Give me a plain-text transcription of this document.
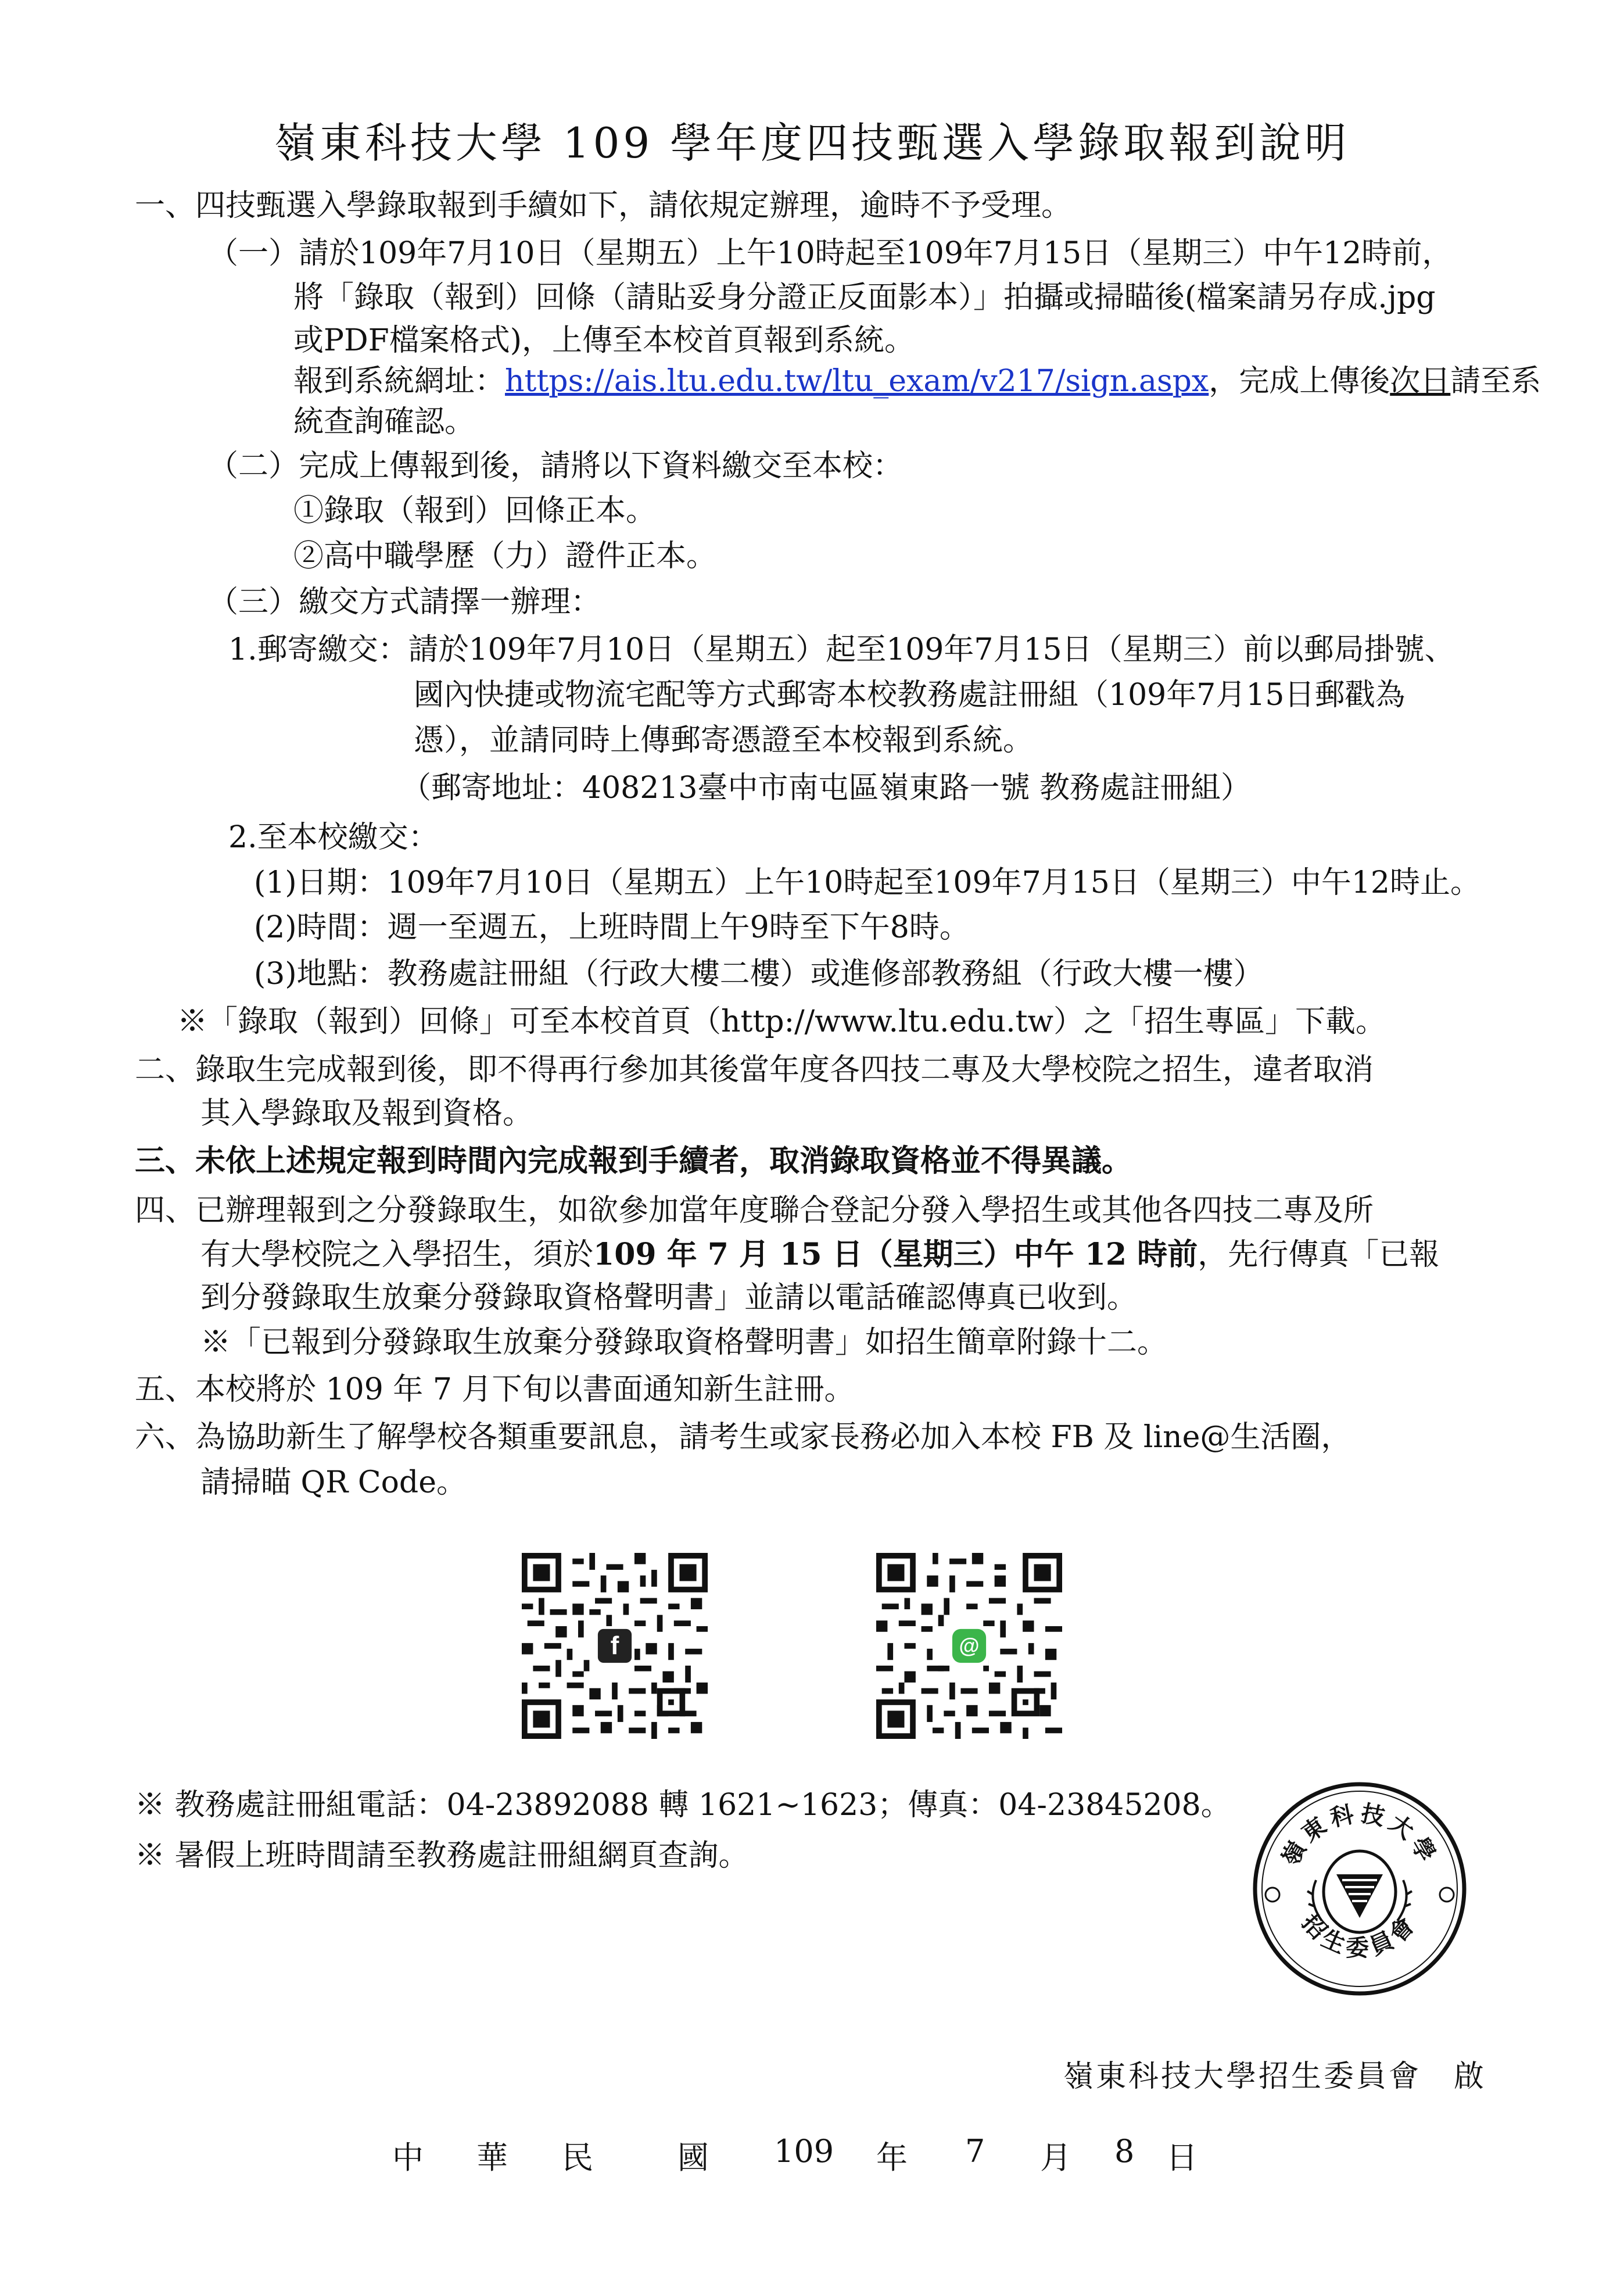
嶺東科技大學 109 學年度四技甄選入學錄取報到說明
一、四技甄選入學錄取報到手續如下，請依規定辦理，逾時不予受理。
（一）請於109年7月10日（星期五）上午10時起至109年7月15日（星期三）中午12時前，
將「錄取（報到）回條（請貼妥身分證正反面影本）」拍攝或掃瞄後(檔案請另存成.jpg
或PDF檔案格式)，上傳至本校首頁報到系統。
報到系統網址：https://ais.ltu.edu.tw/ltu_exam/v217/sign.aspx，完成上傳後次日請至系
統查詢確認。
（二）完成上傳報到後，請將以下資料繳交至本校：
①錄取（報到）回條正本。
②高中職學歷（力）證件正本。
（三）繳交方式請擇一辦理：
1.郵寄繳交：請於109年7月10日（星期五）起至109年7月15日（星期三）前以郵局掛號、
國內快捷或物流宅配等方式郵寄本校教務處註冊組（109年7月15日郵戳為
憑），並請同時上傳郵寄憑證至本校報到系統。
（郵寄地址：408213臺中市南屯區嶺東路一號 教務處註冊組）
2.至本校繳交：
(1)日期：109年7月10日（星期五）上午10時起至109年7月15日（星期三）中午12時止。
(2)時間：週一至週五，上班時間上午9時至下午8時。
(3)地點：教務處註冊組（行政大樓二樓）或進修部教務組（行政大樓一樓）
※「錄取（報到）回條」可至本校首頁（http://www.ltu.edu.tw）之「招生專區」下載。
二、錄取生完成報到後，即不得再行參加其後當年度各四技二專及大學校院之招生，違者取消
其入學錄取及報到資格。
三、未依上述規定報到時間內完成報到手續者，取消錄取資格並不得異議。
四、已辦理報到之分發錄取生，如欲參加當年度聯合登記分發入學招生或其他各四技二專及所
有大學校院之入學招生，須於109 年 7 月 15 日（星期三）中午 12 時前，先行傳真「已報
到分發錄取生放棄分發錄取資格聲明書」並請以電話確認傳真已收到。
※「已報到分發錄取生放棄分發錄取資格聲明書」如招生簡章附錄十二。
五、本校將於 109 年 7 月下旬以書面通知新生註冊。
六、為協助新生了解學校各類重要訊息，請考生或家長務必加入本校 FB 及 line@生活圈，
請掃瞄 QR Code。
f	@
※ 教務處註冊組電話：04-23892088 轉 1621~1623；傳真：04-23845208。
※ 暑假上班時間請至教務處註冊組網頁查詢。	嶺東科技大學
招生委員會
嶺東科技大學招生委員會　啟
中 華 民	國 109 年 7 月 8 日
